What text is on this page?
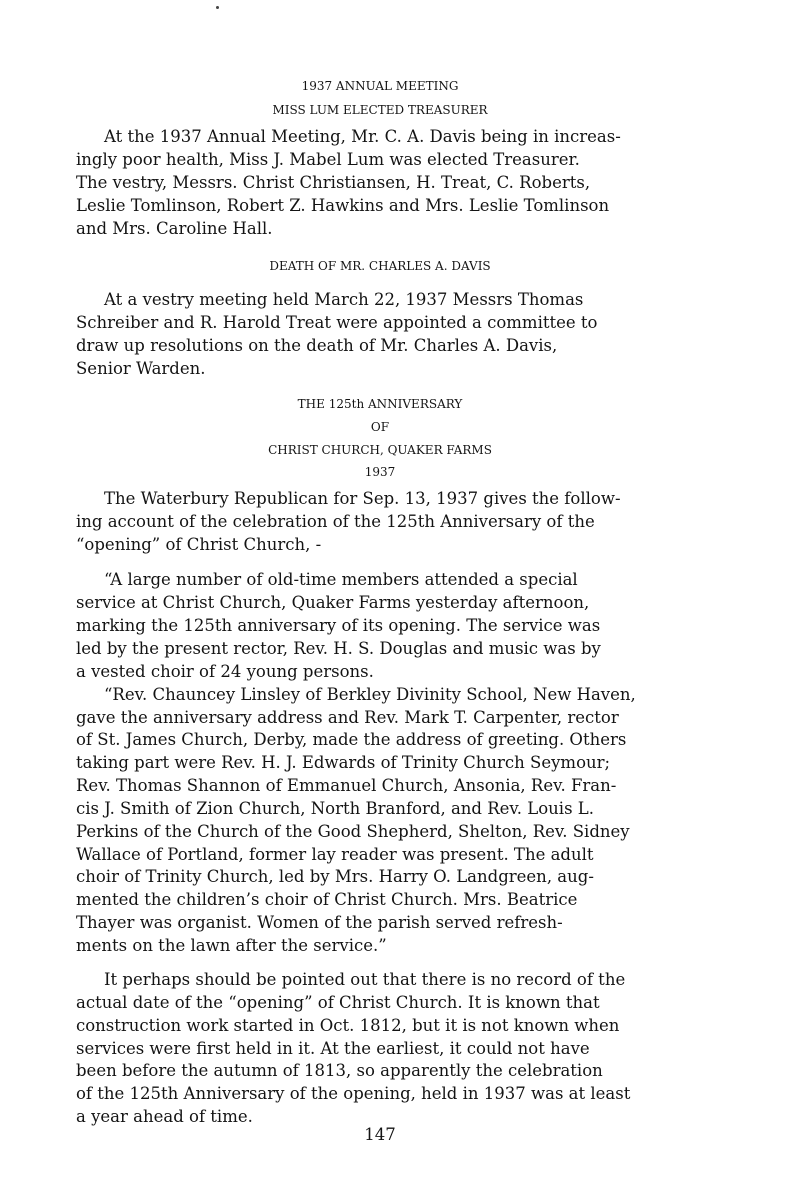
1937 ANNUAL MEETING
MISS LUM ELECTED TREASURER
At the 1937 Annual Meeting, Mr. C. A. Davis being in increas-
ingly poor health, Miss J. Mabel Lum was elected Treasurer.
The vestry, Messrs. Christ Christiansen, H. Treat, C. Roberts,
Leslie Tomlinson, Robert Z. Hawkins and Mrs. Leslie Tomlinson
and Mrs. Caroline Hall.
DEATH OF MR. CHARLES A. DAVIS
At a vestry meeting held March 22, 1937 Messrs Thomas
Schreiber and R. Harold Treat were appointed a committee to
draw up resolutions on the death of Mr. Charles A. Davis,
Senior Warden.
THE 125th ANNIVERSARY
OF
CHRIST CHURCH, QUAKER FARMS
1937
The Waterbury Republican for Sep. 13, 1937 gives the follow-
ing account of the celebration of the 125th Anniversary of the
“opening” of Christ Church, -
“A large number of old-time members attended a special
service at Christ Church, Quaker Farms yesterday afternoon,
marking the 125th anniversary of its opening. The service was
led by the present rector, Rev. H. S. Douglas and music was by
a vested choir of 24 young persons.
“Rev. Chauncey Linsley of Berkley Divinity School, New Haven,
gave the anniversary address and Rev. Mark T. Carpenter, rector
of St. James Church, Derby, made the address of greeting. Others
taking part were Rev. H. J. Edwards of Trinity Church Seymour;
Rev. Thomas Shannon of Emmanuel Church, Ansonia, Rev. Fran-
cis J. Smith of Zion Church, North Branford, and Rev. Louis L.
Perkins of the Church of the Good Shepherd, Shelton, Rev. Sidney
Wallace of Portland, former lay reader was present. The adult
choir of Trinity Church, led by Mrs. Harry O. Landgreen, aug-
mented the children’s choir of Christ Church. Mrs. Beatrice
Thayer was organist. Women of the parish served refresh-
ments on the lawn after the service.”
It perhaps should be pointed out that there is no record of the
actual date of the “opening” of Christ Church. It is known that
construction work started in Oct. 1812, but it is not known when
services were first held in it. At the earliest, it could not have
been before the autumn of 1813, so apparently the celebration
of the 125th Anniversary of the opening, held in 1937 was at least
a year ahead of time.
147
